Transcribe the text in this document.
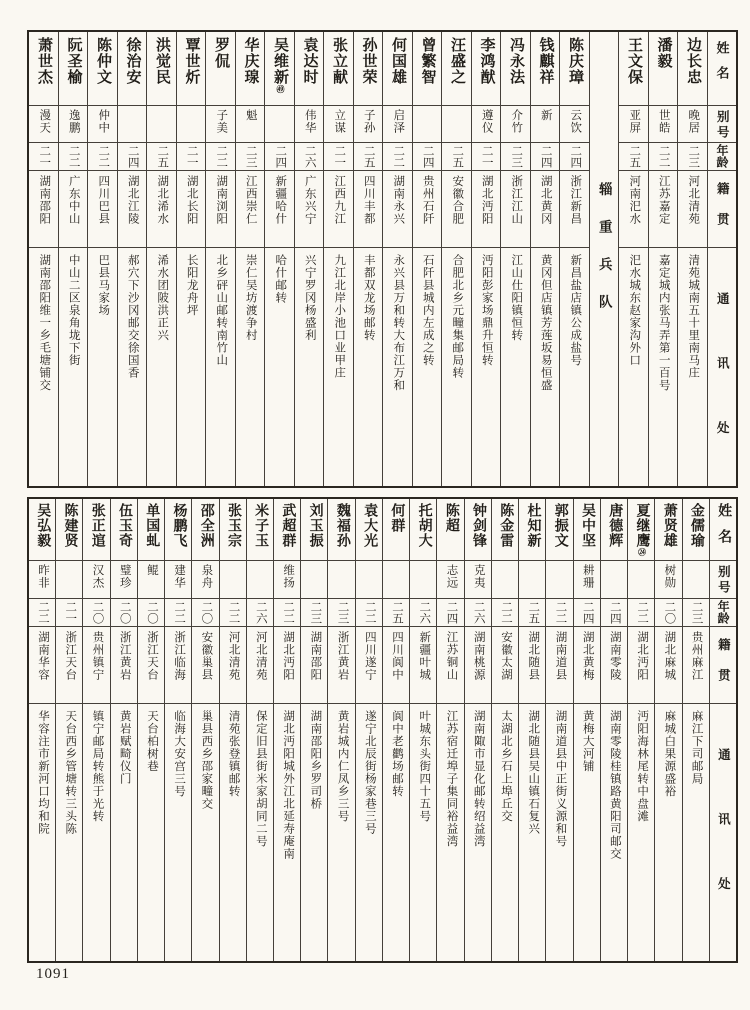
姓名
别号
年龄
籍贯
通讯处
边长忠
晚居
二三
河北清苑
清苑城南五十里南马庄
潘毅
世皓
二二
江苏嘉定
嘉定城内张马弄第一百号
王文保
亚屏
二五
河南汜水
汜水城东赵家沟外口
辎重兵队
陈庆璋
云饮
二四
浙江新昌
新昌盐店镇公成盐号
钱麒祥
新
二四
湖北黄冈
黄冈但店镇芳莲坂易恒盛
冯永法
介竹
二三
浙江江山
江山仕阳镇恒转
李鸿猷
遵仪
二一
湖北沔阳
沔阳彭家场鼎升恒转
汪盛之
二五
安徽合肥
合肥北乡元疃集邮局转
曾繁智
二四
贵州石阡
石阡县城内左成之转
何国雄
启泽
二二
湖南永兴
永兴县万和转大布江万和
孙世荣
子孙
二五
四川丰都
丰都双龙场邮转
张立献
立谋
二一
江西九江
九江北岸小池口业甲庄
袁达时
伟华
二六
广东兴宁
兴宁罗冈杨盛利
吴维新㊾
二四
新疆哈什
哈什邮转
华庆瑔
魁
二三
江西崇仁
崇仁吴坊渡争村
罗侃
子美
二二
湖南浏阳
北乡砰山邮转南竹山
覃世炘
二一
湖北长阳
长阳龙舟坪
洪觉民
二五
湖北浠水
浠水团陂洪正兴
徐治安
二四
湖北江陵
郝穴下沙冈邮交徐国香
陈仲文
仲中
二二
四川巴县
巴县马家场
阮圣榆
逸鹏
二二
广东中山
中山二区泉角垅下街
萧世杰
漫天
二一
湖南邵阳
湖南邵阳维一乡毛塘铺交
姓名
别号
年龄
籍贯
通讯处
金儒瑜
二三
贵州麻江
麻江下司邮局
萧贤雄
树勋
二〇
湖北麻城
麻城白果源盛裕
夏继鹰㉔
二二
湖北沔阳
沔阳海林尾转中盘滩
唐德辉
二四
湖南零陵
湖南零陵桂镇路黄阳司邮交
吴中坚
耕珊
二四
湖北黄梅
黄梅大河铺
郭振文
二二
湖南道县
湖南道县中正街义源和号
杜知新
二五
湖北随县
湖北随县吴山镇石复兴
陈金雷
二二
安徽太湖
太湖北乡石上埠丘交
钟剑锋
克夷
二六
湖南桃源
湖南陬市显化邮转绍益湾
陈超
志远
二四
江苏铜山
江苏宿迁埠子集同裕益湾
托胡大
二六
新疆叶城
叶城东头街四十五号
何群
二五
四川阆中
阆中老鹳场邮转
袁大光
二二
四川遂宁
遂宁北辰街杨家巷三号
魏福孙
二三
浙江黄岩
黄岩城内仁凤乡三号
刘玉振
二三
湖南邵阳
湖南邵阳乡罗司桥
武超群
维扬
二二
湖北沔阳
湖北沔阳城外江北延寿庵南
米子玉
二六
河北清苑
保定旧县街米家胡同二号
张玉宗
二二
河北清苑
清苑张登镇邮转
邵全洲
泉舟
二〇
安徽巢县
巢县西乡邵家疃交
杨鹏飞
建华
二二
浙江临海
临海大安宫三号
单国虬
鲲
二〇
浙江天台
天台柏树巷
伍玉奇
璧珍
二〇
浙江黄岩
黄岩赋畸仪门
张正逭
汉杰
二〇
贵州镇宁
镇宁邮局转熊于光转
陈建贤
二一
浙江天台
天台西乡管塘转三头陈
吴弘毅
昨非
二二
湖南华容
华容注市新河口均和院
1091
